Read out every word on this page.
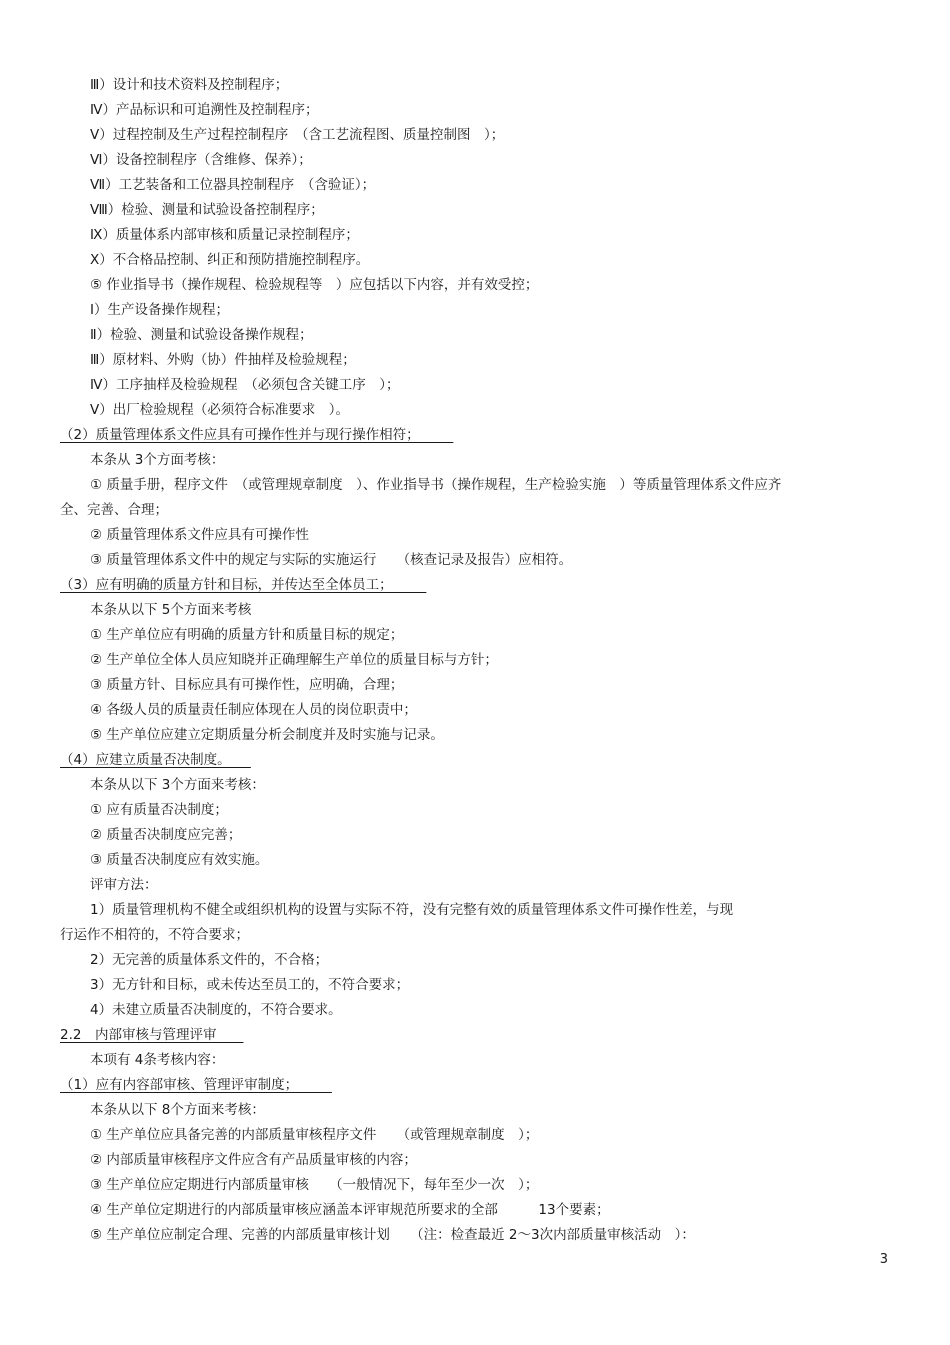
Ⅲ）设计和技术资料及控制程序；
Ⅳ）产品标识和可追溯性及控制程序；
Ⅴ）过程控制及生产过程控制程序　（含工艺流程图、质量控制图　）；
Ⅵ）设备控制程序（含维修、保养）；
Ⅶ）工艺装备和工位器具控制程序　（含验证）；
Ⅷ）检验、测量和试验设备控制程序；
Ⅸ）质量体系内部审核和质量记录控制程序；
Ⅹ）不合格品控制、纠正和预防措施控制程序。
⑤ 作业指导书（操作规程、检验规程等　）应包括以下内容，并有效受控；
Ⅰ）生产设备操作规程；
Ⅱ）检验、测量和试验设备操作规程；
Ⅲ）原材料、外购（协）件抽样及检验规程；
Ⅳ）工序抽样及检验规程　（必须包含关键工序　）；
Ⅴ）出厂检验规程（必须符合标准要求　）。
（2）质量管理体系文件应具有可操作性并与现行操作相符；　　　
本条从 3个方面考核：
① 质量手册，程序文件　（或管理规章制度　）、作业指导书（操作规程，生产检验实施　）等质量管理体系文件应齐
全、完善、合理；
② 质量管理体系文件应具有可操作性
③ 质量管理体系文件中的规定与实际的实施运行　　（核查记录及报告）应相符。
（3）应有明确的质量方针和目标，并传达至全体员工；　　　
本条从以下 5个方面来考核
① 生产单位应有明确的质量方针和质量目标的规定；
② 生产单位全体人员应知晓并正确理解生产单位的质量目标与方针；
③ 质量方针、目标应具有可操作性，应明确，合理；
④ 各级人员的质量责任制应体现在人员的岗位职责中；
⑤ 生产单位应建立定期质量分析会制度并及时实施与记录。
（4）应建立质量否决制度。　　
本条从以下 3个方面来考核：
① 应有质量否决制度；
② 质量否决制度应完善；
③ 质量否决制度应有效实施。
评审方法：
1）质量管理机构不健全或组织机构的设置与实际不符，没有完整有效的质量管理体系文件可操作性差，与现
行运作不相符的，不符合要求；
2）无完善的质量体系文件的，不合格；
3）无方针和目标，或未传达至员工的，不符合要求；
4）未建立质量否决制度的，不符合要求。
2.2　内部审核与管理评审　　
本项有 4条考核内容：
（1）应有内容部审核、管理评审制度；　　　
本条从以下 8个方面来考核：
① 生产单位应具备完善的内部质量审核程序文件　　（或管理规章制度　）；
② 内部质量审核程序文件应含有产品质量审核的内容；
③ 生产单位应定期进行内部质量审核　　（一般情况下，每年至少一次　）；
④ 生产单位定期进行的内部质量审核应涵盖本评审规范所要求的全部　　　13个要素；
⑤ 生产单位应制定合理、完善的内部质量审核计划　　（注：检查最近 2～3次内部质量审核活动　）：
3
